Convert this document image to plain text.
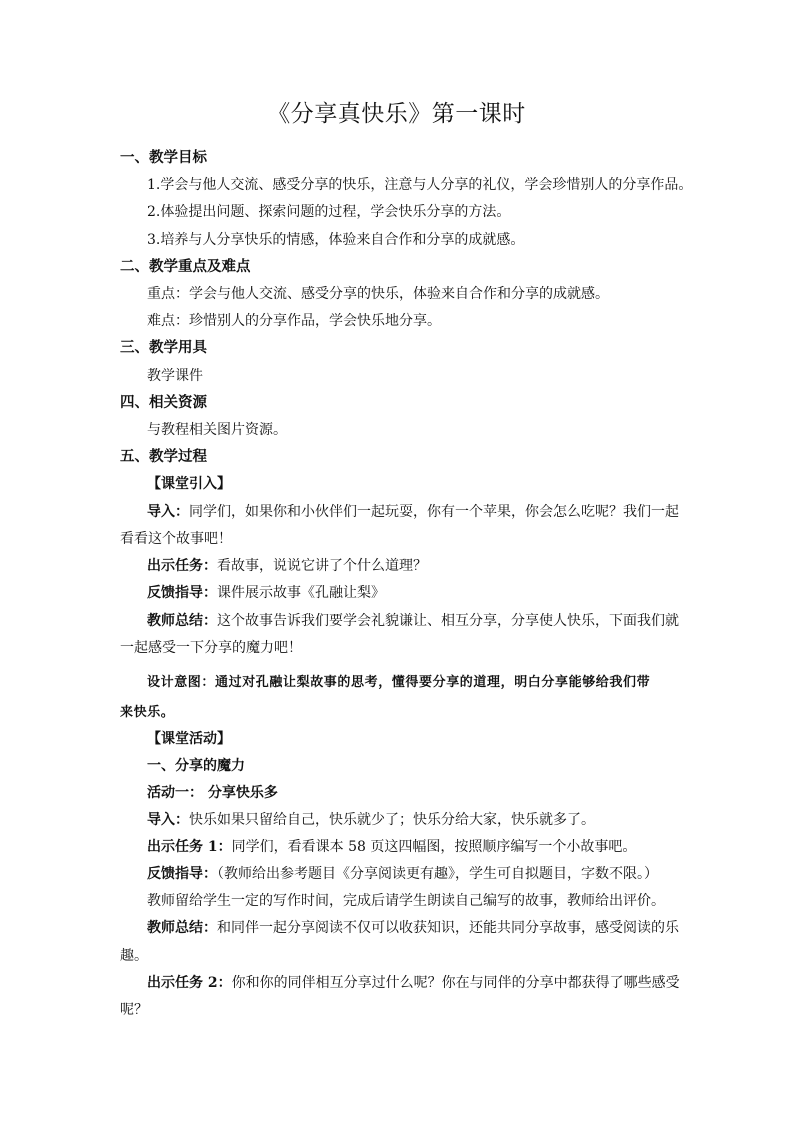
《分享真快乐》第一课时
一、教学目标
1.学会与他人交流、感受分享的快乐，注意与人分享的礼仪，学会珍惜别人的分享作品。
2.体验提出问题、探索问题的过程，学会快乐分享的方法。
3.培养与人分享快乐的情感，体验来自合作和分享的成就感。
二、教学重点及难点
重点：学会与他人交流、感受分享的快乐，体验来自合作和分享的成就感。
难点：珍惜别人的分享作品，学会快乐地分享。
三、教学用具
教学课件
四、相关资源
与教程相关图片资源。
五、教学过程
【课堂引入】
导入：同学们，如果你和小伙伴们一起玩耍，你有一个苹果，你会怎么吃呢？我们一起
看看这个故事吧！
出示任务：看故事，说说它讲了个什么道理？
反馈指导：课件展示故事《孔融让梨》
教师总结：这个故事告诉我们要学会礼貌谦让、相互分享，分享使人快乐，下面我们就
一起感受一下分享的魔力吧！
设计意图：通过对孔融让梨故事的思考，懂得要分享的道理，明白分享能够给我们带
来快乐。
【课堂活动】
一、分享的魔力
活动一： 分享快乐多
导入：快乐如果只留给自己，快乐就少了；快乐分给大家，快乐就多了。
出示任务 1：同学们，看看课本 58 页这四幅图，按照顺序编写一个小故事吧。
反馈指导：（教师给出参考题目《分享阅读更有趣》，学生可自拟题目，字数不限。）
教师留给学生一定的写作时间，完成后请学生朗读自己编写的故事，教师给出评价。
教师总结：和同伴一起分享阅读不仅可以收获知识，还能共同分享故事，感受阅读的乐
趣。
出示任务 2：你和你的同伴相互分享过什么呢？你在与同伴的分享中都获得了哪些感受
呢？
